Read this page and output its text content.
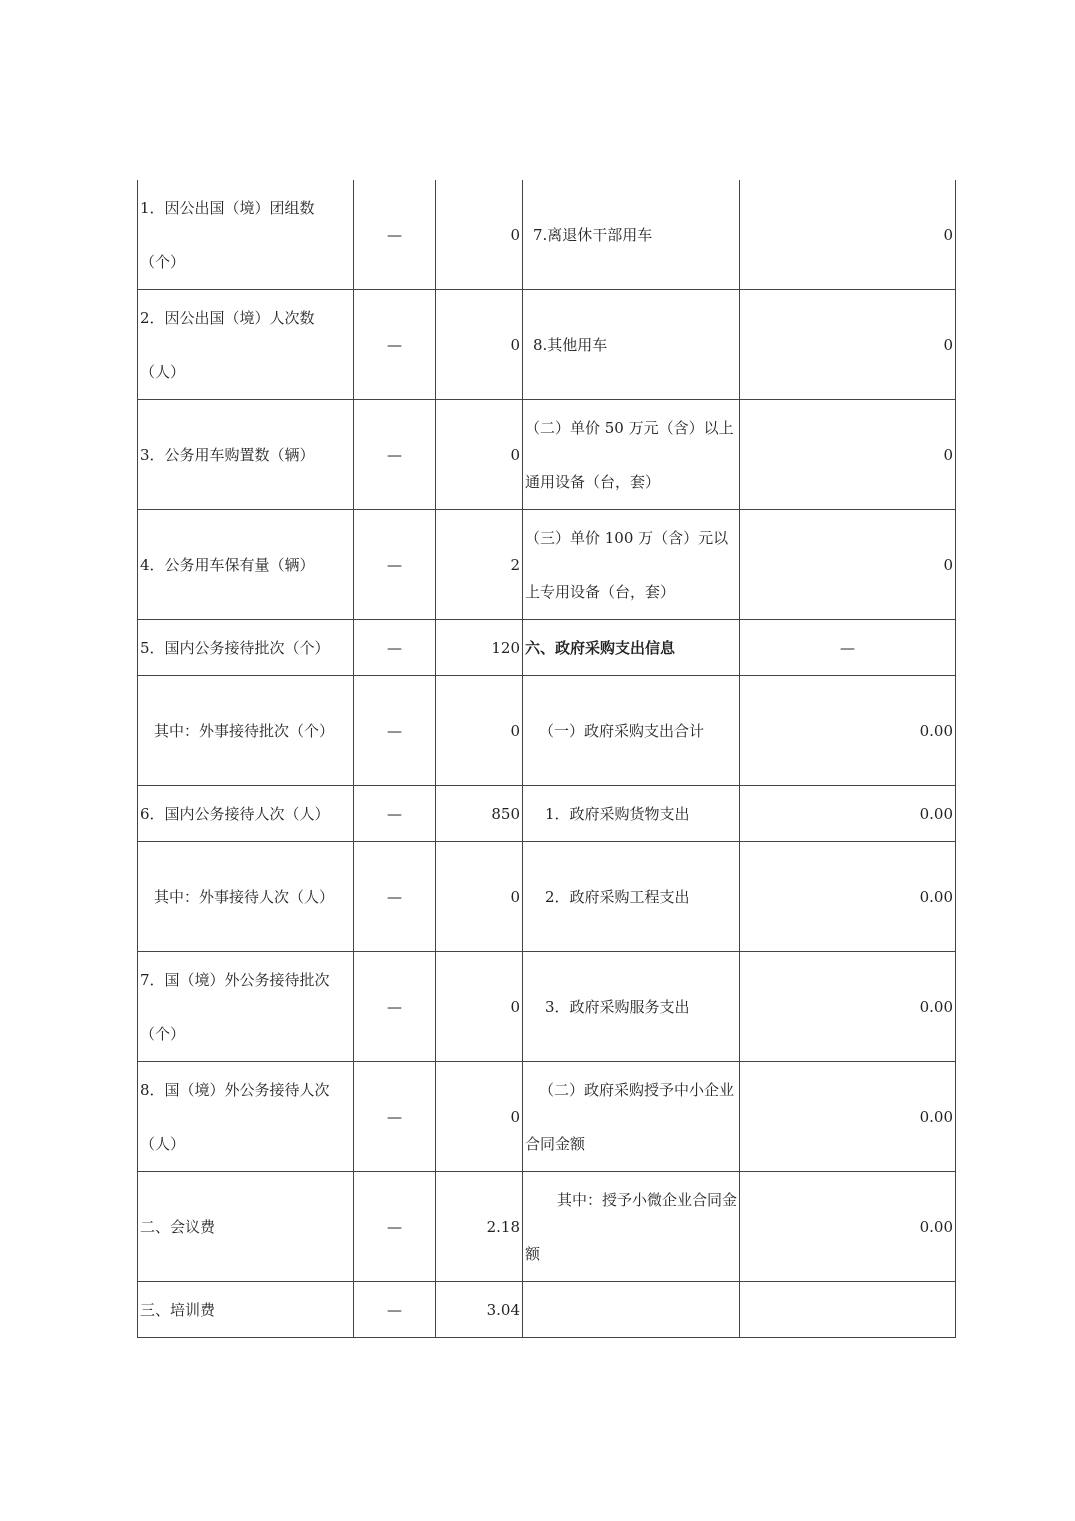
1．因公出国（境）团组数（个）	—	0	7.离退休干部用车	0

2．因公出国（境）人次数（人）	—	0	8.其他用车	0
3．公务用车购置数（辆）	—	0	（二）单价 50 万元（含）以上通用设备（台，套）	0
4．公务用车保有量（辆）	—	2	（三）单价 100 万（含）元以上专用设备（台，套）	0
5．国内公务接待批次（个）	—	120	六、政府采购支出信息	—

其中：外事接待批次（个）	—	0	（一）政府采购支出合计	0.00
6．国内公务接待人次（人）	—	850	1．政府采购货物支出	0.00

其中：外事接待人次（人）	—	0	2．政府采购工程支出	0.00

7．国（境）外公务接待批次（个）	—	0	3．政府采购服务支出	0.00

8．国（境）外公务接待人次（人）	—	0	（二）政府采购授予中小企业合同金额	0.00
二、会议费	—	2.18	其中：授予小微企业合同金额	0.00
三、培训费	—	3.04		
